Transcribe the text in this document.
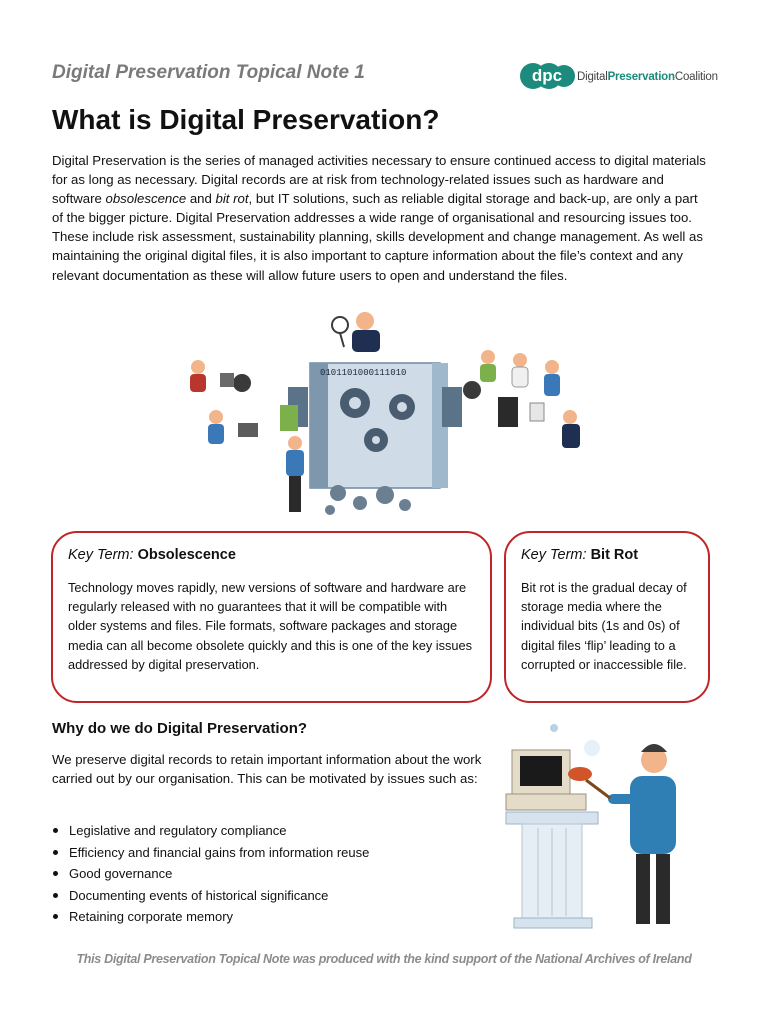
Digital Preservation Topical Note 1	dpc DigitalPreservationCoalition
What is Digital Preservation?
Digital Preservation is the series of managed activities necessary to ensure continued access to digital materials for as long as necessary. Digital records are at risk from technology-related issues such as hardware and software obsolescence and bit rot, but IT solutions, such as reliable digital storage and back-up, are only a part of the bigger picture. Digital Preservation addresses a wide range of organisational and resourcing issues too. These include risk assessment, sustainability planning, skills development and change management. As well as maintaining the original digital files, it is also important to capture information about the file’s context and any relevant documentation as these will allow future users to open and understand the files.
0101101000111010
Key Term: Obsolescence
Technology moves rapidly, new versions of software and hardware are regularly released with no guarantees that it will be compatible with older systems and files. File formats, software packages and storage media can all become obsolete quickly and this is one of the key issues addressed by digital preservation.
Key Term: Bit Rot
Bit rot is the gradual decay of storage media where the individual bits (1s and 0s) of digital files ‘flip’ leading to a corrupted or inaccessible file.
Why do we do Digital Preservation?
We preserve digital records to retain important information about the work carried out by our organisation. This can be motivated by issues such as:
Legislative and regulatory compliance
Efficiency and financial gains from information reuse
Good governance
Documenting events of historical significance
Retaining corporate memory
This Digital Preservation Topical Note was produced with the kind support of the National Archives of Ireland
